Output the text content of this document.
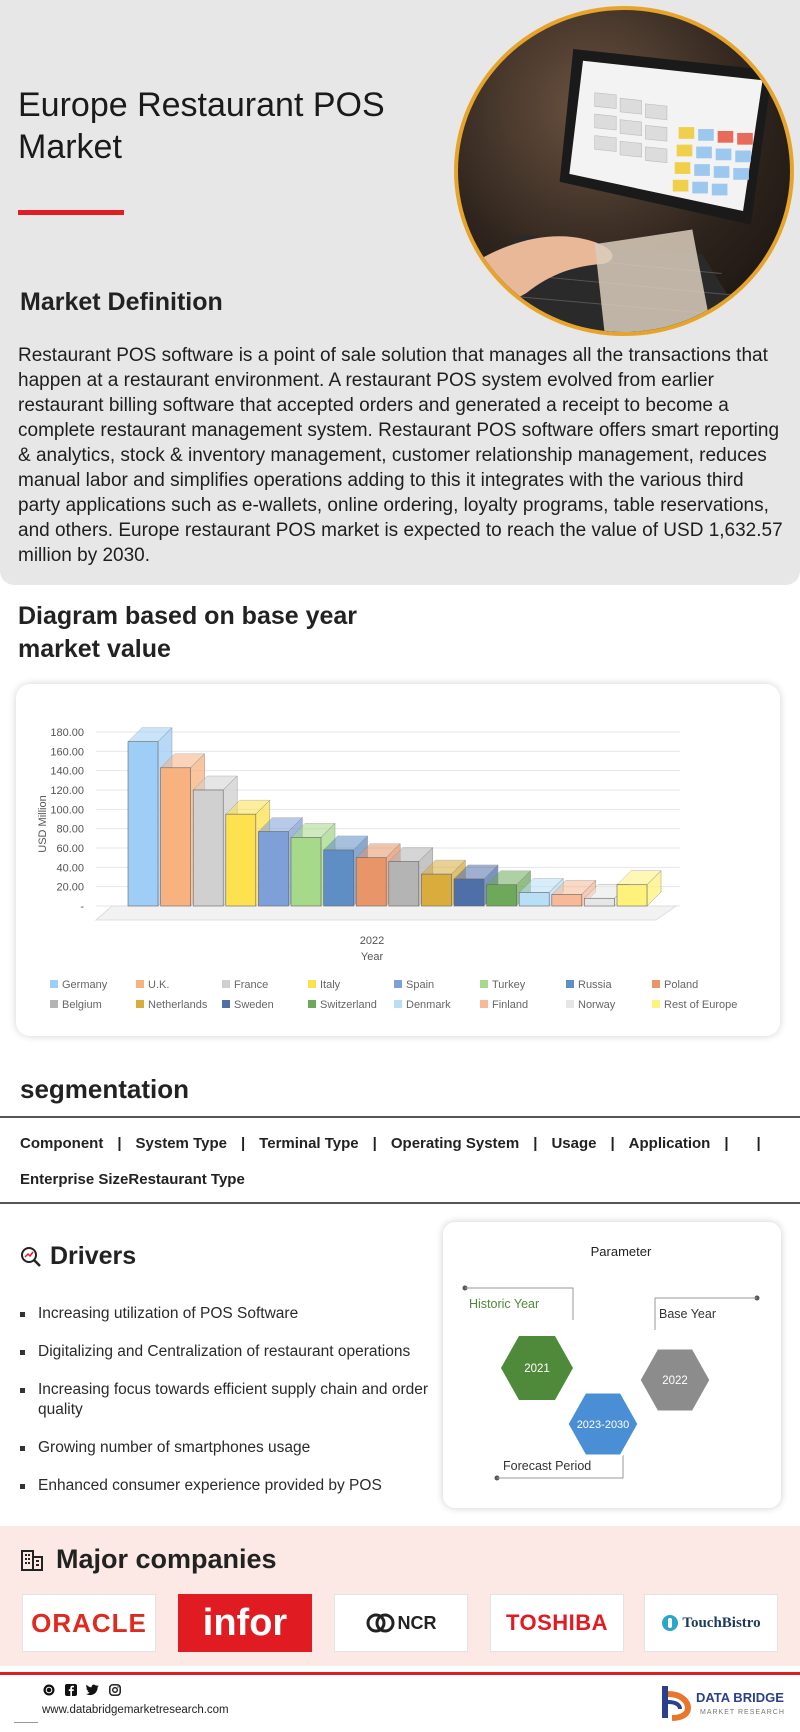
Europe Restaurant POS Market
Market Definition

Restaurant POS software is a point of sale solution that manages all the transactions that happen at a restaurant environment. A restaurant POS system evolved from earlier restaurant billing software that accepted orders and generated a receipt to become a complete restaurant management system. Restaurant POS software offers smart reporting & analytics, stock & inventory management, customer relationship management, reduces manual labor and simplifies operations adding to this it integrates with the various third party applications such as e-wallets, online ordering, loyalty programs, table reservations, and others. Europe restaurant POS market is expected to reach the value of USD 1,632.57 million by 2030.

Diagram based on base year market value
-
20.00
40.00
60.00
80.00
100.00
120.00
140.00
160.00
180.00
USD Million
2022
Year
Germany	U.K.	France	Italy	Spain	Turkey	Russia	Poland
Belgium	Netherlands Sweden	Switzerland	Denmark	Finland	Norway	Rest of Europe
segmentation
Component | System Type | Terminal Type | Operating System | Usage | Application | |Enterprise SizeRestaurant Type
Drivers
Increasing utilization of POS Software
Digitalizing and Centralization of restaurant operations
Increasing focus towards efficient supply chain and order quality
Growing number of smartphones usage
Enhanced consumer experience provided by POS
Parameter
Historic Year
Base Year
Forecast Period
2021
2023-2030
2022
Major companies
ORACLE infor	NCR	TOSHIBA	TouchBistro
www.databridgemarketresearch.com
DATA BRIDGE
MARKET RESEARCH
